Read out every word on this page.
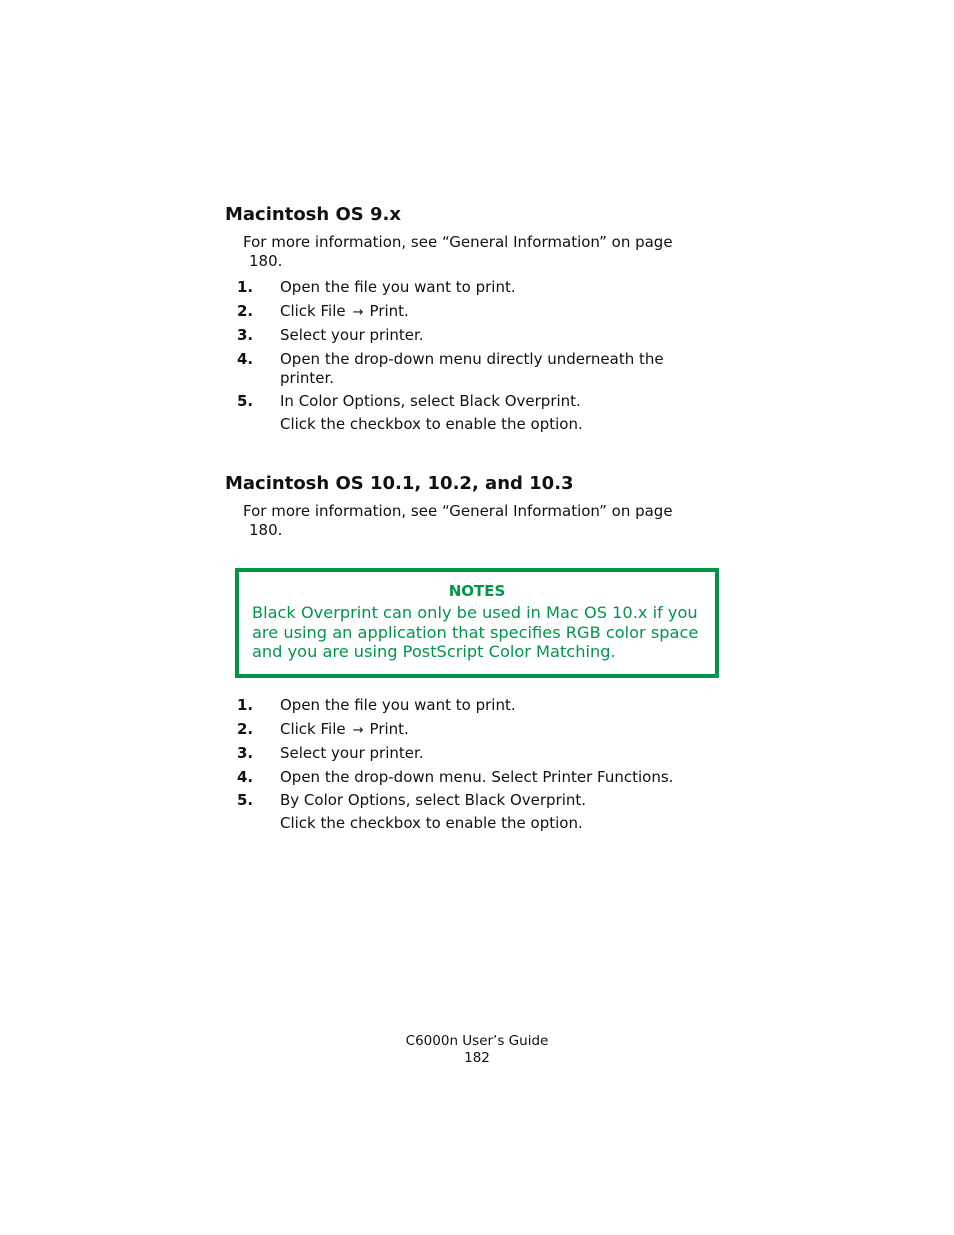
Macintosh OS 9.x
For more information, see “General Information” on page
180.
1.	Open the file you want to print.
2.	Click File → Print.
3.	Select your printer.
4.	Open the drop-down menu directly underneath the printer.
5.	In Color Options, select Black Overprint.
Click the checkbox to enable the option.
Macintosh OS 10.1, 10.2, and 10.3
For more information, see “General Information” on page
180.
NOTES
Black Overprint can only be used in Mac OS 10.x if you are using an application that specifies RGB color space and you are using PostScript Color Matching.
1.	Open the file you want to print.
2.	Click File → Print.
3.	Select your printer.
4.	Open the drop-down menu. Select Printer Functions.
5.	By Color Options, select Black Overprint.
Click the checkbox to enable the option.
C6000n User’s Guide
182
